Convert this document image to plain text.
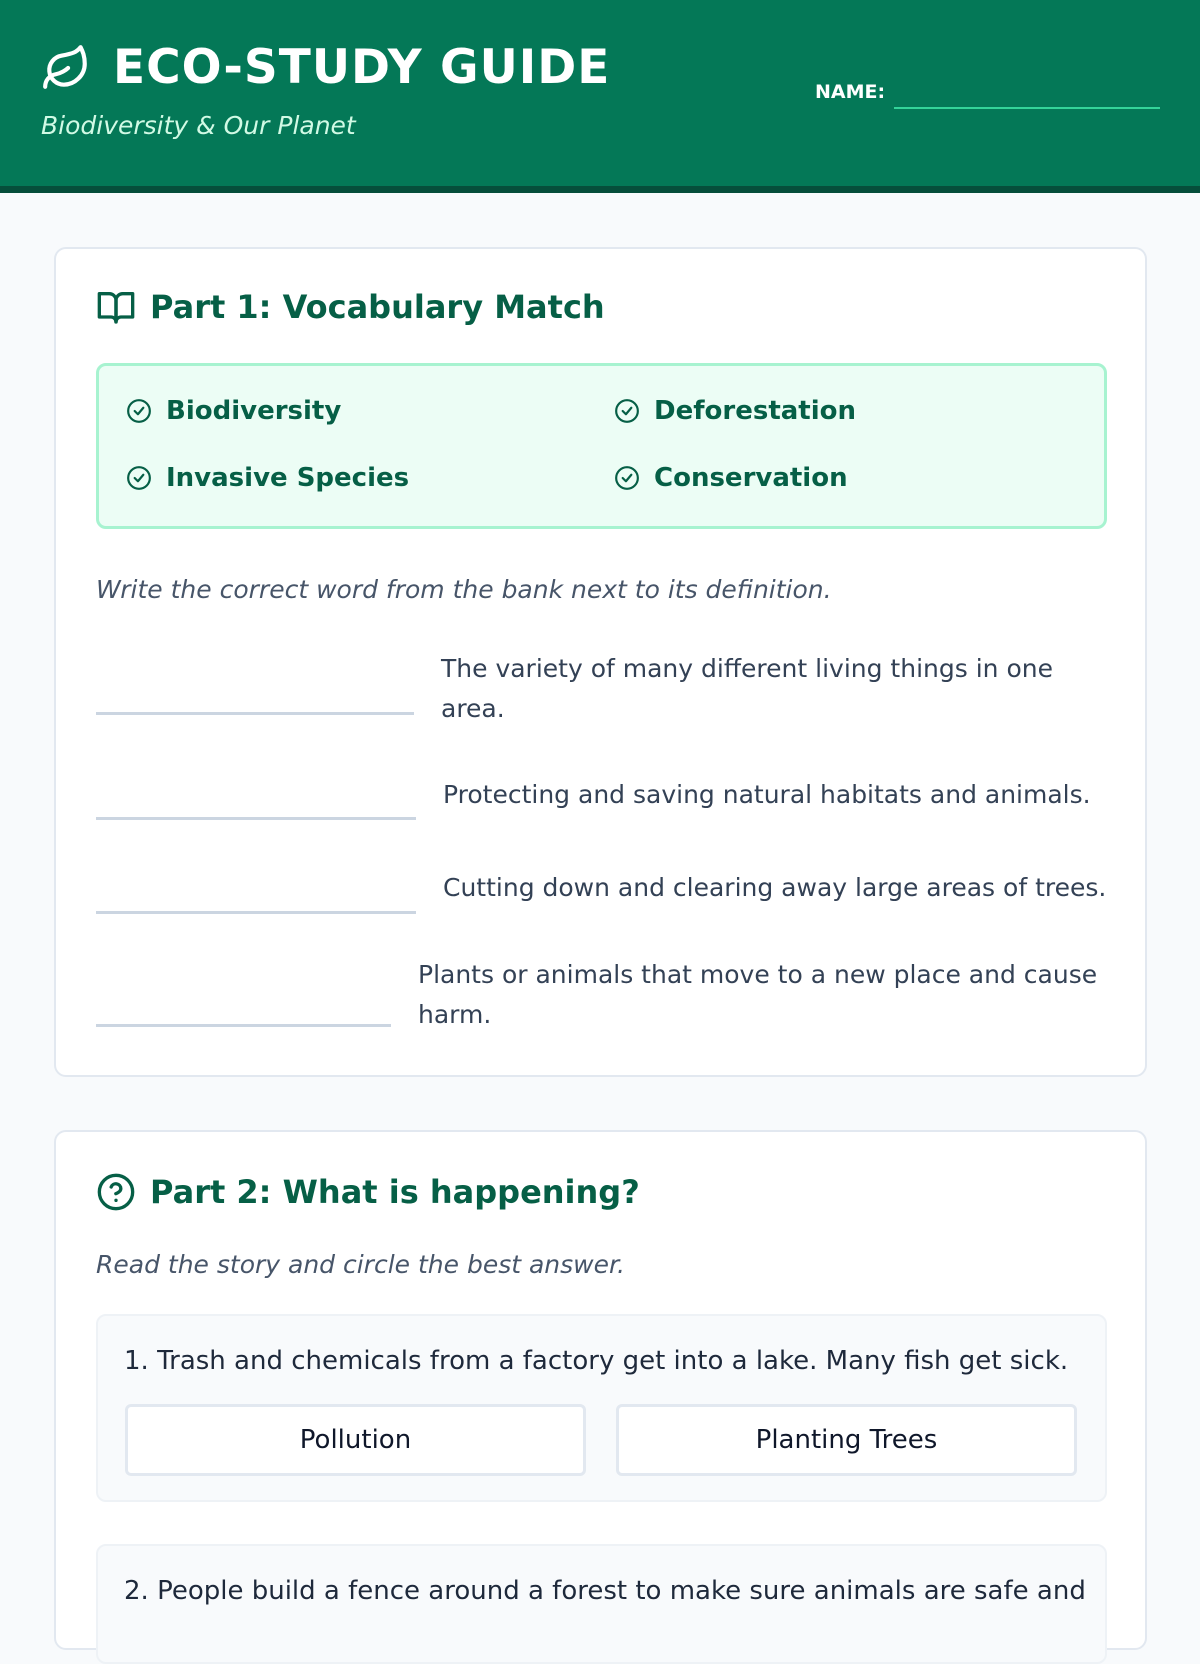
ECO-STUDY GUIDE
Biodiversity & Our Planet
NAME:
Part 1: Vocabulary Match
Biodiversity	Deforestation
Invasive Species	Conservation
Write the correct word from the bank next to its definition.
The variety of many different living things in one area.
Protecting and saving natural habitats and animals.
Cutting down and clearing away large areas of trees.
Plants or animals that move to a new place and cause harm.
Part 2: What is happening?
Read the story and circle the best answer.
1. Trash and chemicals from a factory get into a lake. Many fish get sick.
Pollution	Planting Trees
2. People build a fence around a forest to make sure animals are safe and
